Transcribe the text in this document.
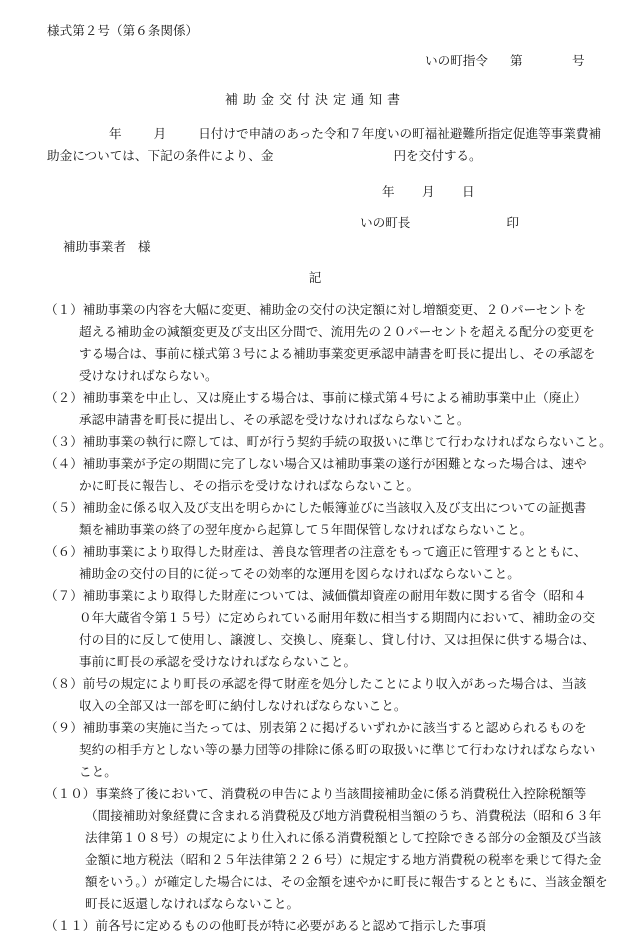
様式第２号（第６条関係）
いの町指令 第	号
補助金交付決定通知書
年	月	日付けで申請のあった令和７年度いの町福祉避難所指定促進等事業費補
助金については、下記の条件により、金	円を交付する。
年 月 日
いの町長	印
補助事業者 様
記
（１）補助事業の内容を大幅に変更、補助金の交付の決定額に対し増額変更、２０パーセントを
超える補助金の減額変更及び支出区分間で、流用先の２０パーセントを超える配分の変更を
する場合は、事前に様式第３号による補助事業変更承認申請書を町長に提出し、その承認を
受けなければならない。
（２）補助事業を中止し、又は廃止する場合は、事前に様式第４号による補助事業中止（廃止）
承認申請書を町長に提出し、その承認を受けなければならないこと。
（３）補助事業の執行に際しては、町が行う契約手続の取扱いに準じて行わなければならないこと。
（４）補助事業が予定の期間に完了しない場合又は補助事業の遂行が困難となった場合は、速や
かに町長に報告し、その指示を受けなければならないこと。
（５）補助金に係る収入及び支出を明らかにした帳簿並びに当該収入及び支出についての証拠書
類を補助事業の終了の翌年度から起算して５年間保管しなければならないこと。
（６）補助事業により取得した財産は、善良な管理者の注意をもって適正に管理するとともに、
補助金の交付の目的に従ってその効率的な運用を図らなければならないこと。
（７）補助事業により取得した財産については、減価償却資産の耐用年数に関する省令（昭和４
０年大蔵省令第１５号）に定められている耐用年数に相当する期間内において、補助金の交
付の目的に反して使用し、譲渡し、交換し、廃棄し、貸し付け、又は担保に供する場合は、
事前に町長の承認を受けなければならないこと。
（８）前号の規定により町長の承認を得て財産を処分したことにより収入があった場合は、当該
収入の全部又は一部を町に納付しなければならないこと。
（９）補助事業の実施に当たっては、別表第２に掲げるいずれかに該当すると認められるものを
契約の相手方としない等の暴力団等の排除に係る町の取扱いに準じて行わなければならない
こと。
（１０）事業終了後において、消費税の申告により当該間接補助金に係る消費税仕入控除税額等
（間接補助対象経費に含まれる消費税及び地方消費税相当額のうち、消費税法（昭和６３年
法律第１０８号）の規定により仕入れに係る消費税額として控除できる部分の金額及び当該
金額に地方税法（昭和２５年法律第２２６号）に規定する地方消費税の税率を乗じて得た金
額をいう。）が確定した場合には、その金額を速やかに町長に報告するとともに、当該金額を
町長に返還しなければならないこと。
（１１）前各号に定めるものの他町長が特に必要があると認めて指示した事項
